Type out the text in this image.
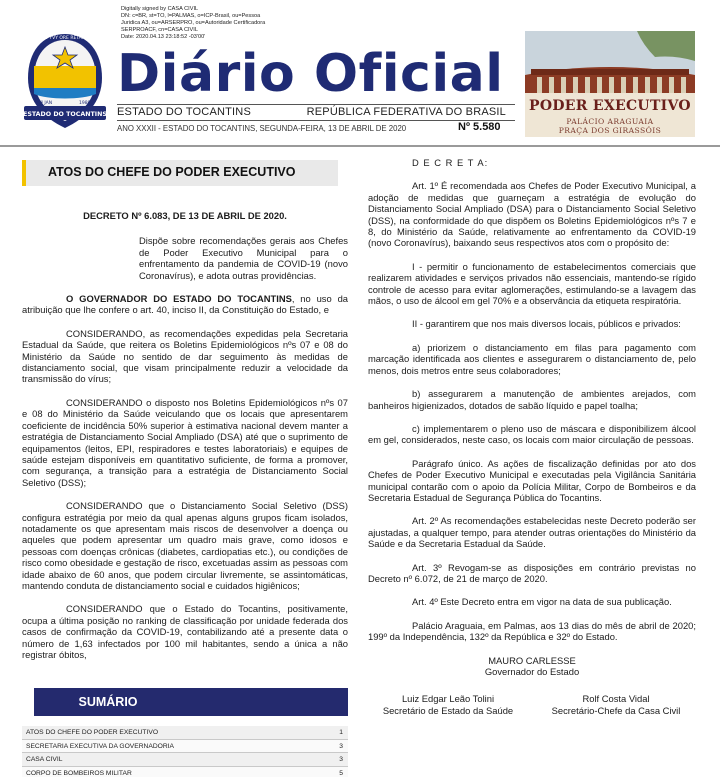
Digitally signed by CASA CIVIL
DN: c=BR, st=TO, l=PALMAS, o=ICP-Brasil, ou=Pessoa
Juridica A3, ou=ARSERPRO, ou=Autoridade Certificadora
SERPROACF, cn=CASA CIVIL
Date: 2020.04.13 23:18:52 -03'00'
CO YVY ORE RETAMA
1º JAN	1989
ESTADO DO TOCANTINS
Diário Oficial
ESTADO DO TOCANTINS	REPÚBLICA FEDERATIVA DO BRASIL
ANO XXXII - ESTADO DO TOCANTINS, SEGUNDA-FEIRA, 13 DE ABRIL DE 2020	Nº 5.580
PODER EXECUTIVO
PALÁCIO ARAGUAIA
PRAÇA DOS GIRASSÓIS
ATOS DO CHEFE DO PODER EXECUTIVO

DECRETO Nº 6.083, DE 13 DE ABRIL DE 2020.

Dispõe sobre recomendações gerais aos Chefes de Poder Executivo Municipal para o enfrentamento da pandemia de COVID-19 (novo Coronavírus), e adota outras providências.

O GOVERNADOR DO ESTADO DO TOCANTINS, no uso da atribuição que lhe confere o art. 40, inciso II, da Constituição do Estado, e

CONSIDERANDO, as recomendações expedidas pela Secretaria Estadual da Saúde, que reitera os Boletins Epidemiológicos nºs 07 e 08 do Ministério da Saúde no sentido de dar seguimento às medidas de distanciamento social, que visam principalmente reduzir a velocidade da transmissão do vírus;

CONSIDERANDO o disposto nos Boletins Epidemiológicos nºs 07 e 08 do Ministério da Saúde veiculando que os locais que apresentarem coeficiente de incidência 50% superior à estimativa nacional devem manter a estratégia de Distanciamento Social Ampliado (DSA) até que o suprimento de equipamentos (leitos, EPI, respiradores e testes laboratoriais) e equipes de saúde estejam disponíveis em quantitativo suficiente, de forma a promover, com segurança, a transição para a estratégia de Distanciamento Social Seletivo (DSS);

CONSIDERANDO que o Distanciamento Social Seletivo (DSS) configura estratégia por meio da qual apenas alguns grupos ficam isolados, notadamente os que apresentam mais riscos de desenvolver a doença ou aqueles que podem apresentar um quadro mais grave, como idosos e pessoas com doenças crônicas (diabetes, cardiopatias etc.), ou condições de risco como obesidade e gestação de risco, excetuadas assim as pessoas com idade abaixo de 60 anos, que podem circular livremente, se assintomáticas, mantendo conduta de distanciamento social e cuidados higiênicos;

CONSIDERANDO que o Estado do Tocantins, positivamente, ocupa a última posição no ranking de classificação por unidade federada dos casos de confirmação da COVID-19, contabilizando até a presente data o número de 1,63 infectados por 100 mil habitantes, sendo a única a não registrar óbitos,

SUMÁRIO
ATOS DO CHEFE DO PODER EXECUTIVO	1
SECRETARIA EXECUTIVA DA GOVERNADORIA	3
CASA CIVIL	3
CORPO DE BOMBEIROS MILITAR	5

D E C R E T A:

Art. 1º É recomendada aos Chefes de Poder Executivo Municipal, a adoção de medidas que guarneçam a estratégia de evolução do Distanciamento Social Ampliado (DSA) para o Distanciamento Social Seletivo (DSS), na conformidade do que dispõem os Boletins Epidemiológicos nºs 7 e 8, do Ministério da Saúde, relativamente ao enfrentamento da COVID-19 (novo Coronavírus), baixando seus respectivos atos com o propósito de:

I - permitir o funcionamento de estabelecimentos comerciais que realizarem atividades e serviços privados não essenciais, mantendo-se rígido controle de acesso para evitar aglomerações, estimulando-se a lavagem das mãos, o uso de álcool em gel 70% e a observância da etiqueta respiratória.

II - garantirem que nos mais diversos locais, públicos e privados:

a) priorizem o distanciamento em filas para pagamento com marcação identificada aos clientes e assegurarem o distanciamento de, pelo menos, dois metros entre seus colaboradores;

b) assegurarem a manutenção de ambientes arejados, com banheiros higienizados, dotados de sabão líquido e papel toalha;

c) implementarem o pleno uso de máscara e disponibilizem álcool em gel, considerados, neste caso, os locais com maior circulação de pessoas.

Parágrafo único. As ações de fiscalização definidas por ato dos Chefes de Poder Executivo Municipal e executadas pela Vigilância Sanitária municipal contarão com o apoio da Polícia Militar, Corpo de Bombeiros e da Secretaria Estadual de Segurança Pública do Tocantins.

Art. 2º As recomendações estabelecidas neste Decreto poderão ser ajustadas, a qualquer tempo, para atender outras orientações do Ministério da Saúde e da Secretaria Estadual da Saúde.

Art. 3º Revogam-se as disposições em contrário previstas no Decreto nº 6.072, de 21 de março de 2020.

Art. 4º Este Decreto entra em vigor na data de sua publicação.

Palácio Araguaia, em Palmas, aos 13 dias do mês de abril de 2020; 199º da Independência, 132º da República e 32º do Estado.

MAURO CARLESSE

Governador do Estado

Luiz Edgar Leão Tolini
Secretário de Estado da Saúde
Rolf Costa Vidal
Secretário-Chefe da Casa Civil
